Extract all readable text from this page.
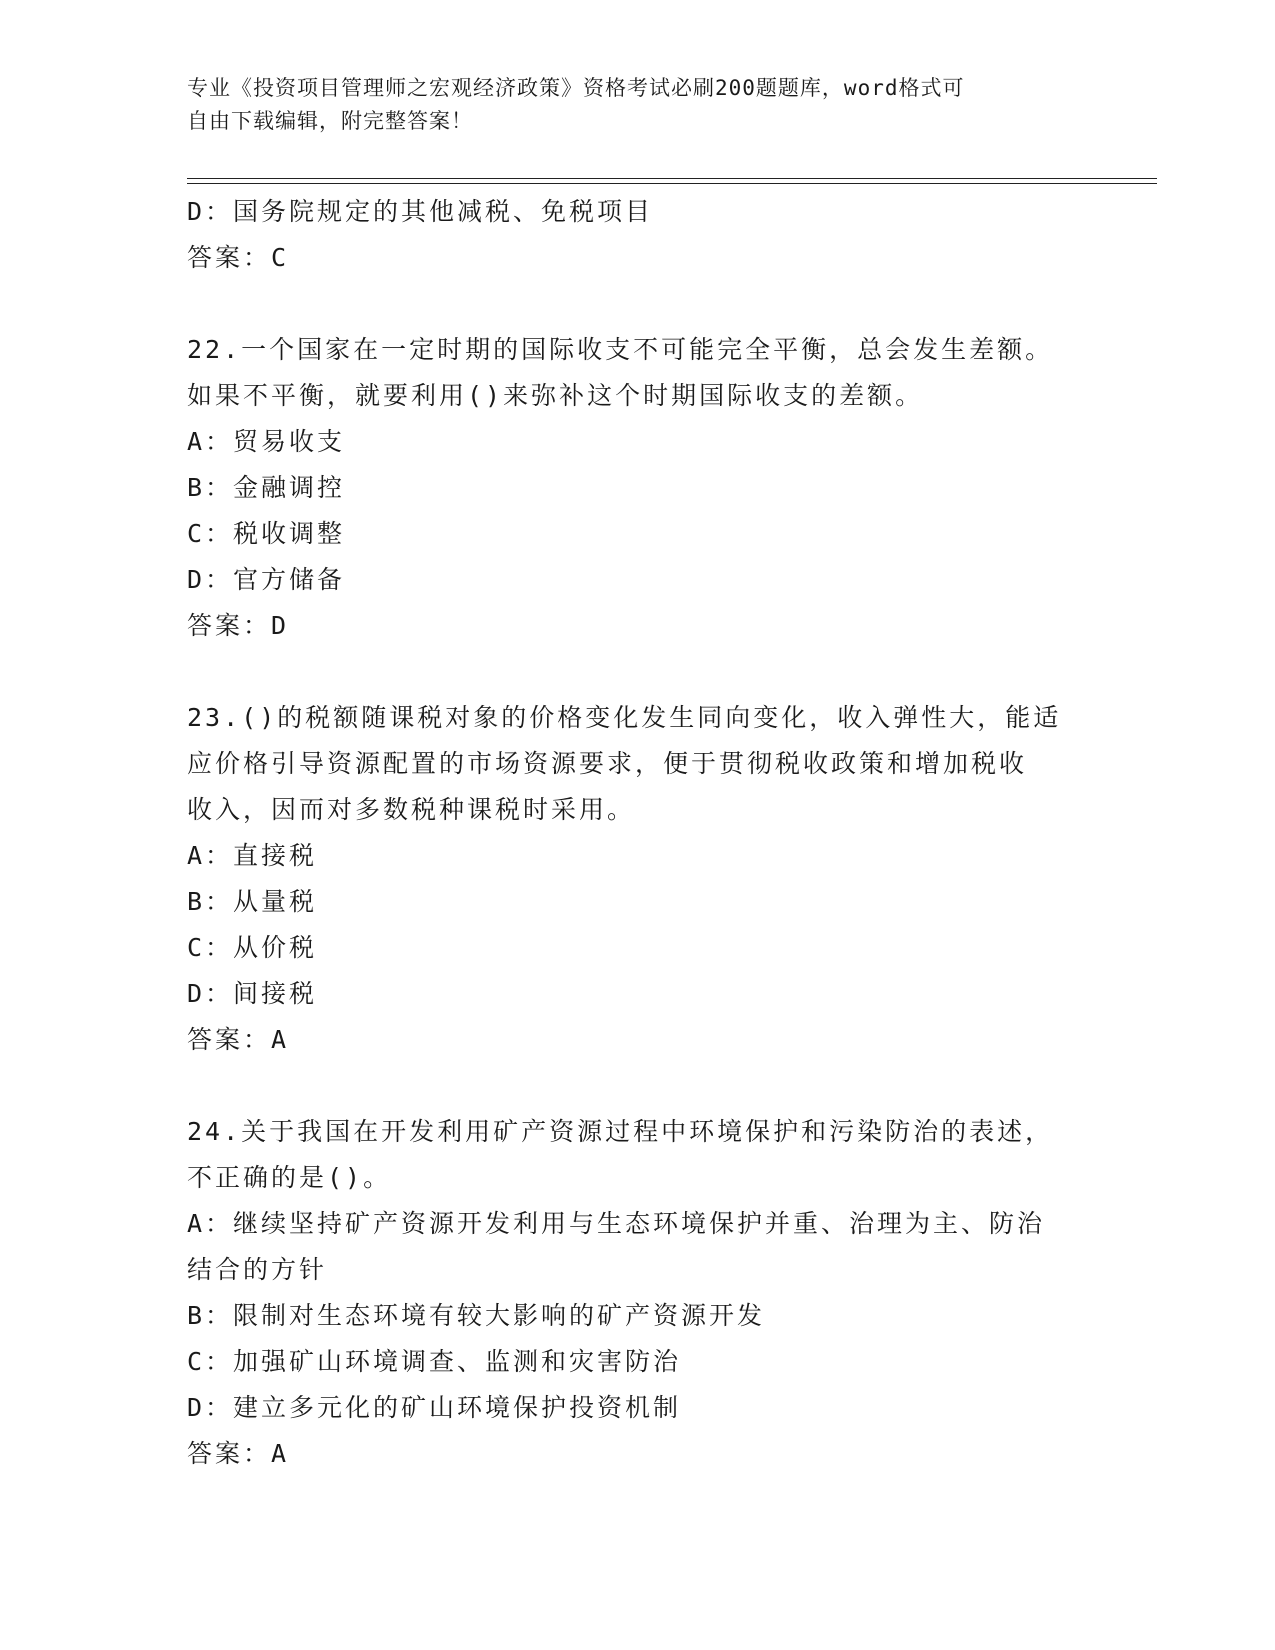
专业《投资项目管理师之宏观经济政策》资格考试必刷200题题库，word格式可
自由下载编辑，附完整答案！
D：国务院规定的其他减税、免税项目
答案：C
22.一个国家在一定时期的国际收支不可能完全平衡，总会发生差额。
如果不平衡，就要利用()来弥补这个时期国际收支的差额。
A：贸易收支
B：金融调控
C：税收调整
D：官方储备
答案：D
23.()的税额随课税对象的价格变化发生同向变化，收入弹性大，能适
应价格引导资源配置的市场资源要求，便于贯彻税收政策和增加税收
收入，因而对多数税种课税时采用。
A：直接税
B：从量税
C：从价税
D：间接税
答案：A
24.关于我国在开发利用矿产资源过程中环境保护和污染防治的表述，
不正确的是()。
A：继续坚持矿产资源开发利用与生态环境保护并重、治理为主、防治
结合的方针
B：限制对生态环境有较大影响的矿产资源开发
C：加强矿山环境调查、监测和灾害防治
D：建立多元化的矿山环境保护投资机制
答案：A
